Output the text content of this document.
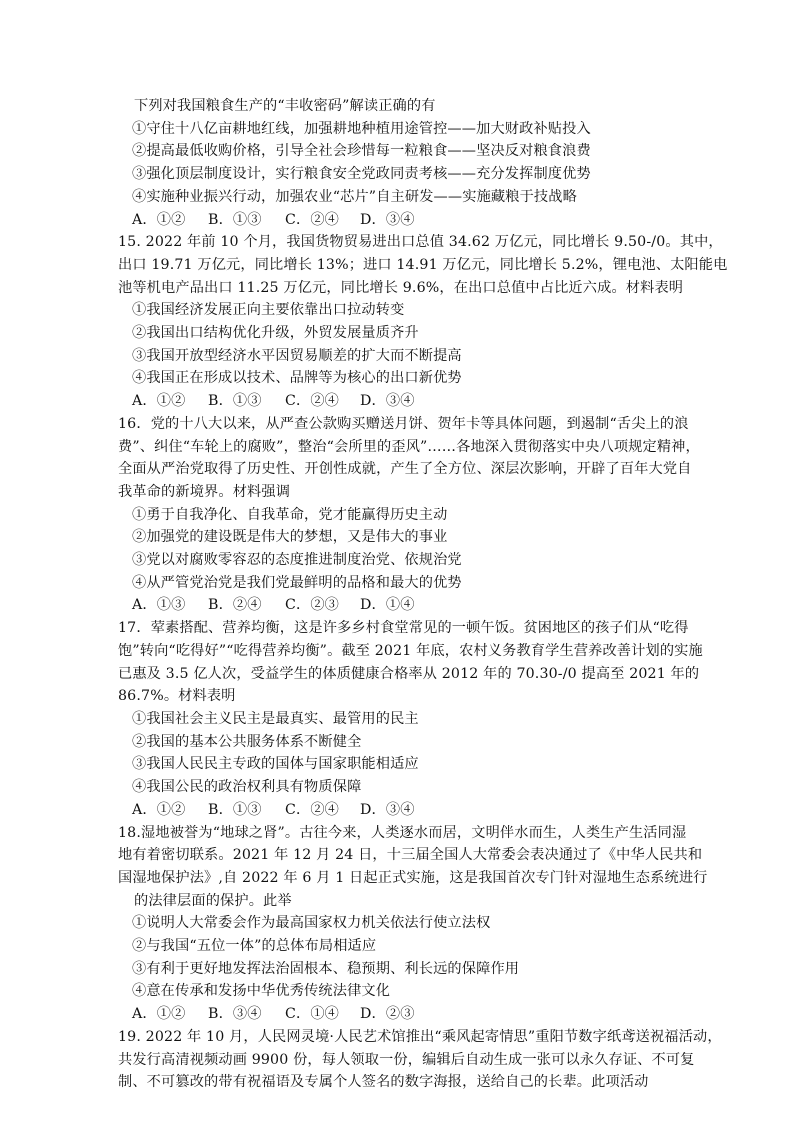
下列对我国粮食生产的“丰收密码”解读正确的有
①守住十八亿亩耕地红线，加强耕地种植用途管控——加大财政补贴投入
②提高最低收购价格，引导全社会珍惜每一粒粮食——坚决反对粮食浪费
③强化顶层制度设计，实行粮食安全党政同责考核——充分发挥制度优势
④实施种业振兴行动，加强农业“芯片”自主研发——实施藏粮于技战略
A．①②	B．①③	C．②④	D．③④
15. 2022 年前 10 个月，我国货物贸易进出口总值 34.62 万亿元，同比增长 9.50-/0。其中，
出口 19.71 万亿元，同比增长 13%；进口 14.91 万亿元，同比增长 5.2%，锂电池、太阳能电
池等机电产品出口 11.25 万亿元，同比增长 9.6%，在出口总值中占比近六成。材料表明
①我国经济发展正向主要依靠出口拉动转变
②我国出口结构优化升级，外贸发展量质齐升
③我国开放型经济水平因贸易顺差的扩大而不断提高
④我国正在形成以技术、品牌等为核心的出口新优势
A．①②	B．①③	C．②④	D．③④
16．党的十八大以来，从严查公款购买赠送月饼、贺年卡等具体问题，到遏制“舌尖上的浪
费”、纠住“车轮上的腐败”，整治“会所里的歪风”……各地深入贯彻落实中央八项规定精神，
全面从严治党取得了历史性、开创性成就，产生了全方位、深层次影响，开辟了百年大党自
我革命的新境界。材料强调
①勇于自我净化、自我革命，党才能赢得历史主动
②加强党的建设既是伟大的梦想，又是伟大的事业
③党以对腐败零容忍的态度推进制度治党、依规治党
④从严管党治党是我们党最鲜明的品格和最大的优势
A．①③	B．②④	C．②③	D．①④
17．荤素搭配、营养均衡，这是许多乡村食堂常见的一顿午饭。贫困地区的孩子们从“吃得
饱”转向“吃得好”“吃得营养均衡”。截至 2021 年底，农村义务教育学生营养改善计划的实施
已惠及 3.5 亿人次，受益学生的体质健康合格率从 2012 年的 70.30-/0 提高至 2021 年的
86.7%。材料表明
①我国社会主义民主是最真实、最管用的民主
②我国的基本公共服务体系不断健全
③我国人民民主专政的国体与国家职能相适应
④我国公民的政治权利具有物质保障
A．①②	B．①③	C．②④	D．③④
18.湿地被誉为“地球之肾”。古往今来，人类逐水而居，文明伴水而生，人类生产生活同湿
地有着密切联系。2021 年 12 月 24 日，十三届全国人大常委会表决通过了《中华人民共和
国湿地保护法》,自 2022 年 6 月 1 日起正式实施，这是我国首次专门针对湿地生态系统进行
的法律层面的保护。此举
①说明人大常委会作为最高国家权力机关依法行使立法权
②与我国“五位一体”的总体布局相适应
③有利于更好地发挥法治固根本、稳预期、利长远的保障作用
④意在传承和发扬中华优秀传统法律文化
A．①②	B．③④	C．①④	D．②③
19. 2022 年 10 月，人民网灵境·人民艺术馆推出“乘风起寄情思”重阳节数字纸鸢送祝福活动，
共发行高清视频动画 9900 份，每人领取一份，编辑后自动生成一张可以永久存证、不可复
制、不可篡改的带有祝福语及专属个人签名的数字海报，送给自己的长辈。此项活动
